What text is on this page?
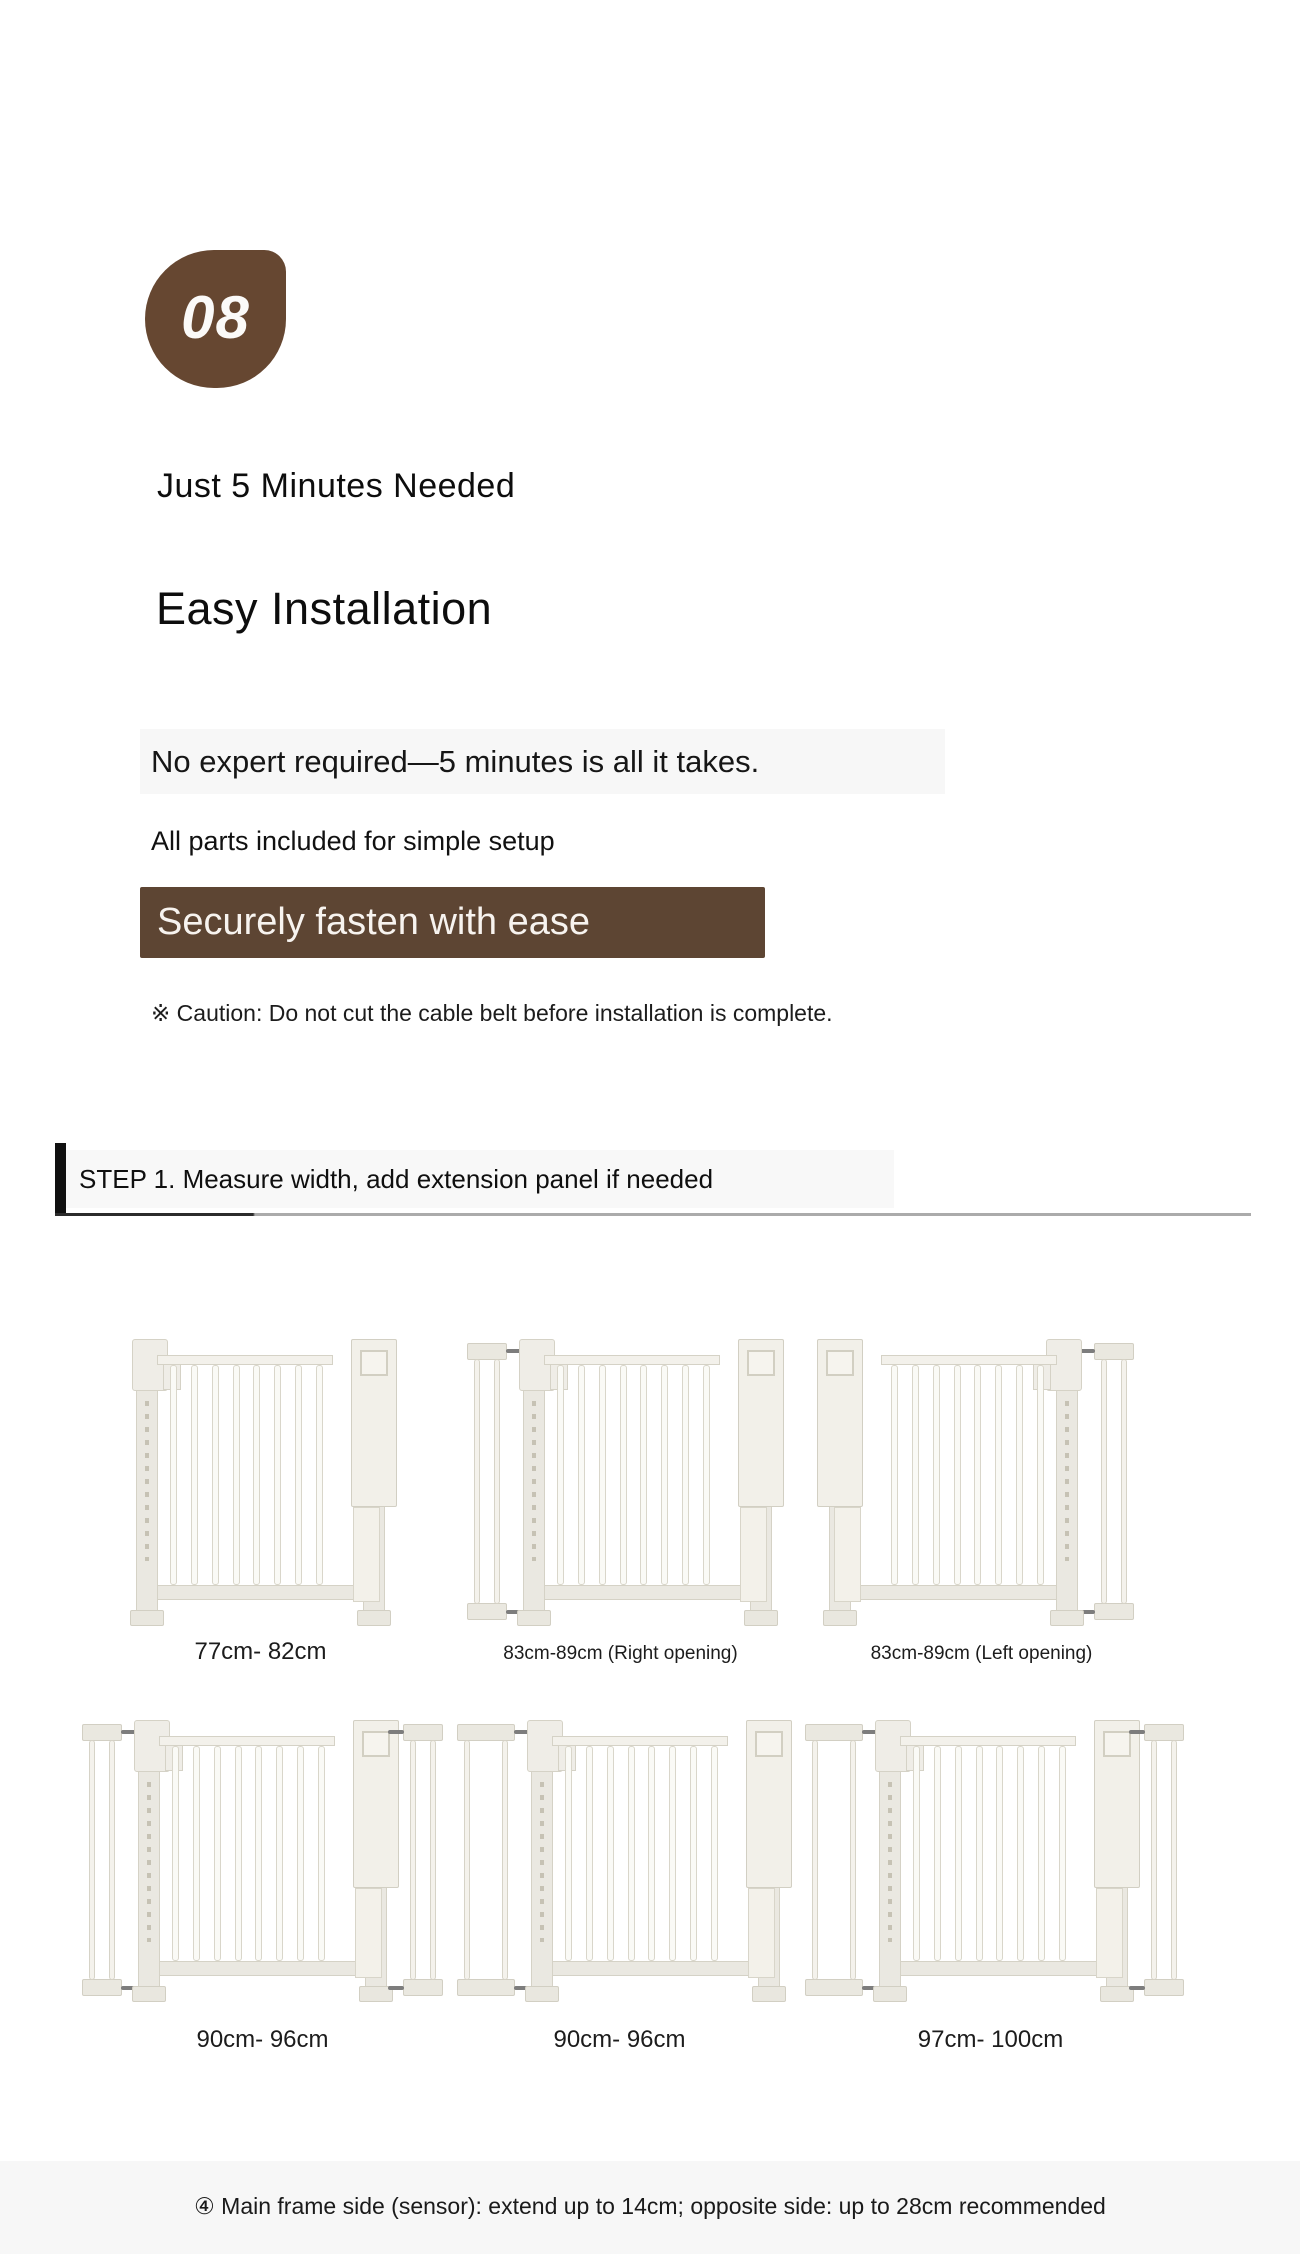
08
Just 5 Minutes Needed
Easy Installation
No expert required—5 minutes is all it takes.
All parts included for simple setup
Securely fasten with ease
※ Caution: Do not cut the cable belt before installation is complete.
STEP 1. Measure width, add extension panel if needed
77cm- 82cm	83cm-89cm (Right opening)	83cm-89cm (Left opening)
90cm- 96cm	90cm- 96cm	97cm- 100cm
④ Main frame side (sensor): extend up to 14cm; opposite side: up to 28cm recommended
